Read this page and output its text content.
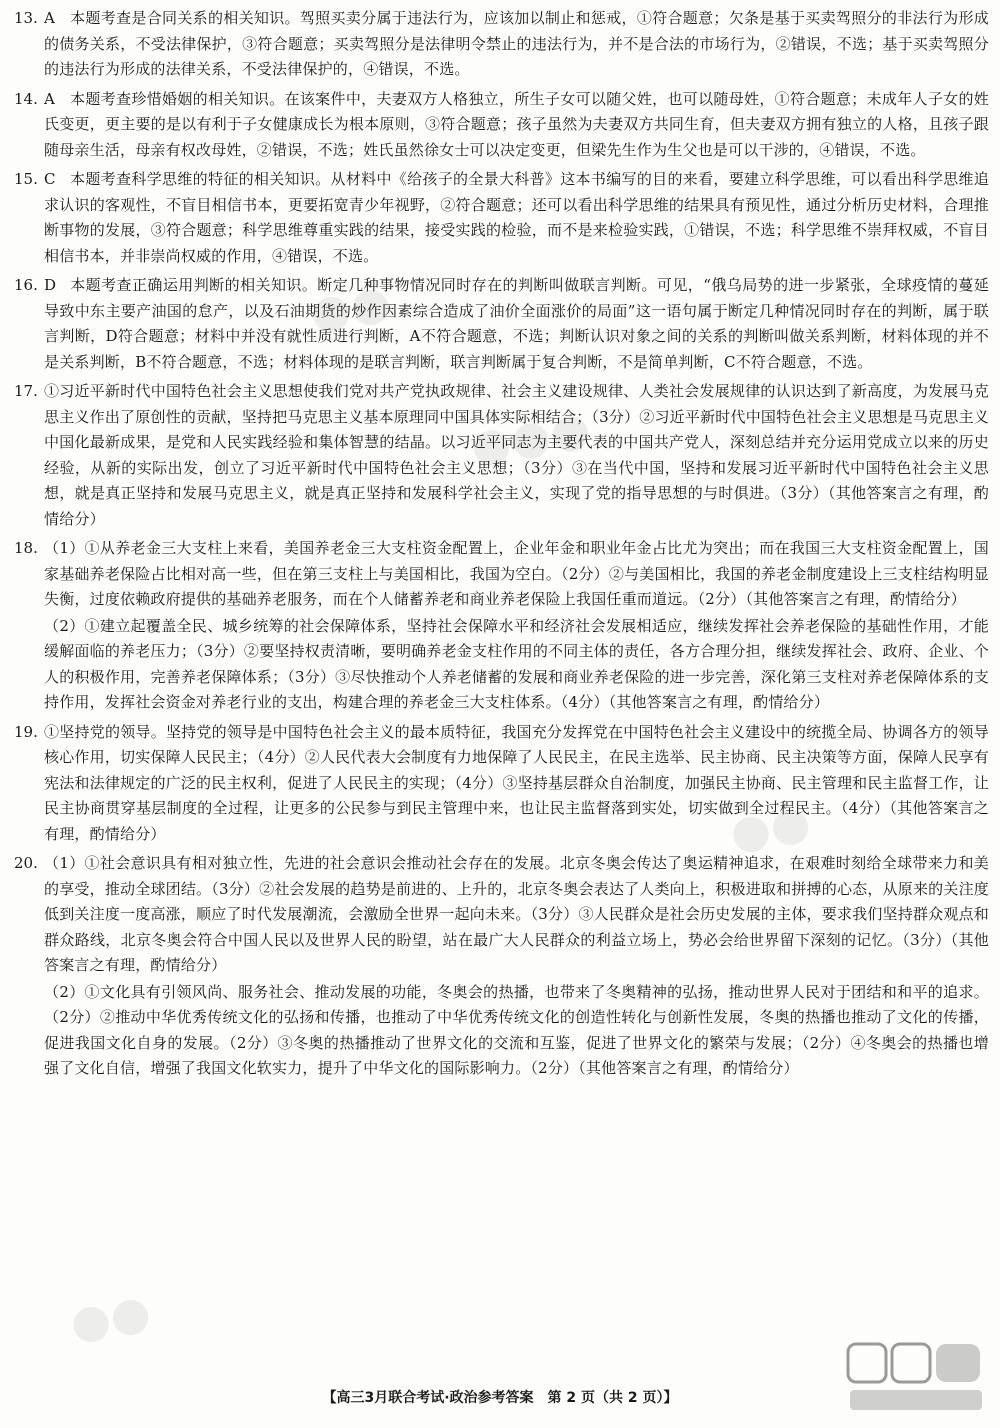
●●
●●●
●●
●●
13. A 本题考查是合同关系的相关知识。驾照买卖分属于违法行为，应该加以制止和惩戒，①符合题意；欠条是基于买卖驾照分的非法行为形成的债务关系，不受法律保护，③符合题意；买卖驾照分是法律明令禁止的违法行为，并不是合法的市场行为，②错误，不选；基于买卖驾照分的违法行为形成的法律关系，不受法律保护的，④错误，不选。

14. A 本题考查珍惜婚姻的相关知识。在该案件中，夫妻双方人格独立，所生子女可以随父姓，也可以随母姓，①符合题意；未成年人子女的姓氏变更，更主要的是以有利于子女健康成长为根本原则，③符合题意；孩子虽然为夫妻双方共同生育，但夫妻双方拥有独立的人格，且孩子跟随母亲生活，母亲有权改母姓，②错误，不选；姓氏虽然徐女士可以决定变更，但梁先生作为生父也是可以干涉的，④错误，不选。

15. C 本题考查科学思维的特征的相关知识。从材料中《给孩子的全景大科普》这本书编写的目的来看，要建立科学思维，可以看出科学思维追求认识的客观性，不盲目相信书本，更要拓宽青少年视野，②符合题意；还可以看出科学思维的结果具有预见性，通过分析历史材料，合理推断事物的发展，③符合题意；科学思维尊重实践的结果，接受实践的检验，而不是来检验实践，①错误，不选；科学思维不崇拜权威，不盲目相信书本，并非崇尚权威的作用，④错误，不选。

16. D 本题考查正确运用判断的相关知识。断定几种事物情况同时存在的判断叫做联言判断。可见，“俄乌局势的进一步紧张，全球疫情的蔓延导致中东主要产油国的怠产，以及石油期货的炒作因素综合造成了油价全面涨价的局面”这一语句属于断定几种情况同时存在的判断，属于联言判断，D符合题意；材料中并没有就性质进行判断，A不符合题意，不选；判断认识对象之间的关系的判断叫做关系判断，材料体现的并不是关系判断，B不符合题意，不选；材料体现的是联言判断，联言判断属于复合判断，不是简单判断，C不符合题意，不选。

17. ①习近平新时代中国特色社会主义思想使我们党对共产党执政规律、社会主义建设规律、人类社会发展规律的认识达到了新高度，为发展马克思主义作出了原创性的贡献，坚持把马克思主义基本原理同中国具体实际相结合；（3分）②习近平新时代中国特色社会主义思想是马克思主义中国化最新成果，是党和人民实践经验和集体智慧的结晶。以习近平同志为主要代表的中国共产党人，深刻总结并充分运用党成立以来的历史经验，从新的实际出发，创立了习近平新时代中国特色社会主义思想；（3分）③在当代中国，坚持和发展习近平新时代中国特色社会主义思想，就是真正坚持和发展马克思主义，就是真正坚持和发展科学社会主义，实现了党的指导思想的与时俱进。（3分）（其他答案言之有理，酌情给分）

18. （1）①从养老金三大支柱上来看，美国养老金三大支柱资金配置上，企业年金和职业年金占比尤为突出；而在我国三大支柱资金配置上，国家基础养老保险占比相对高一些，但在第三支柱上与美国相比，我国为空白。（2分）②与美国相比，我国的养老金制度建设上三支柱结构明显失衡，过度依赖政府提供的基础养老服务，而在个人储蓄养老和商业养老保险上我国任重而道远。（2分）（其他答案言之有理，酌情给分）

（2）①建立起覆盖全民、城乡统筹的社会保障体系，坚持社会保障水平和经济社会发展相适应，继续发挥社会养老保险的基础性作用，才能缓解面临的养老压力；（3分）②要坚持权责清晰，要明确养老金支柱作用的不同主体的责任，各方合理分担，继续发挥社会、政府、企业、个人的积极作用，完善养老保障体系；（3分）③尽快推动个人养老储蓄的发展和商业养老保险的进一步完善，深化第三支柱对养老保障体系的支持作用，发挥社会资金对养老行业的支出，构建合理的养老金三大支柱体系。（4分）（其他答案言之有理，酌情给分）

19. ①坚持党的领导。坚持党的领导是中国特色社会主义的最本质特征，我国充分发挥党在中国特色社会主义建设中的统揽全局、协调各方的领导核心作用，切实保障人民民主；（4分）②人民代表大会制度有力地保障了人民民主，在民主选举、民主协商、民主决策等方面，保障人民享有宪法和法律规定的广泛的民主权利，促进了人民民主的实现；（4分）③坚持基层群众自治制度，加强民主协商、民主管理和民主监督工作，让民主协商贯穿基层制度的全过程，让更多的公民参与到民主管理中来，也让民主监督落到实处，切实做到全过程民主。（4分）（其他答案言之有理，酌情给分）

20. （1）①社会意识具有相对独立性，先进的社会意识会推动社会存在的发展。北京冬奥会传达了奥运精神追求，在艰难时刻给全球带来力和美的享受，推动全球团结。（3分）②社会发展的趋势是前进的、上升的，北京冬奥会表达了人类向上，积极进取和拼搏的心态，从原来的关注度低到关注度一度高涨，顺应了时代发展潮流，会激励全世界一起向未来。（3分）③人民群众是社会历史发展的主体，要求我们坚持群众观点和群众路线，北京冬奥会符合中国人民以及世界人民的盼望，站在最广大人民群众的利益立场上，势必会给世界留下深刻的记忆。（3分）（其他答案言之有理，酌情给分）

（2）①文化具有引领风尚、服务社会、推动发展的功能，冬奥会的热播，也带来了冬奥精神的弘扬，推动世界人民对于团结和和平的追求。（2分）②推动中华优秀传统文化的弘扬和传播，也推动了中华优秀传统文化的创造性转化与创新性发展，冬奥的热播也推动了文化的传播，促进我国文化自身的发展。（2分）③冬奥的热播推动了世界文化的交流和互鉴，促进了世界文化的繁荣与发展；（2分）④冬奥会的热播也增强了文化自信，增强了我国文化软实力，提升了中华文化的国际影响力。（2分）（其他答案言之有理，酌情给分）

【高三3月联合考试·政治参考答案　第 2 页（共 2 页）】
